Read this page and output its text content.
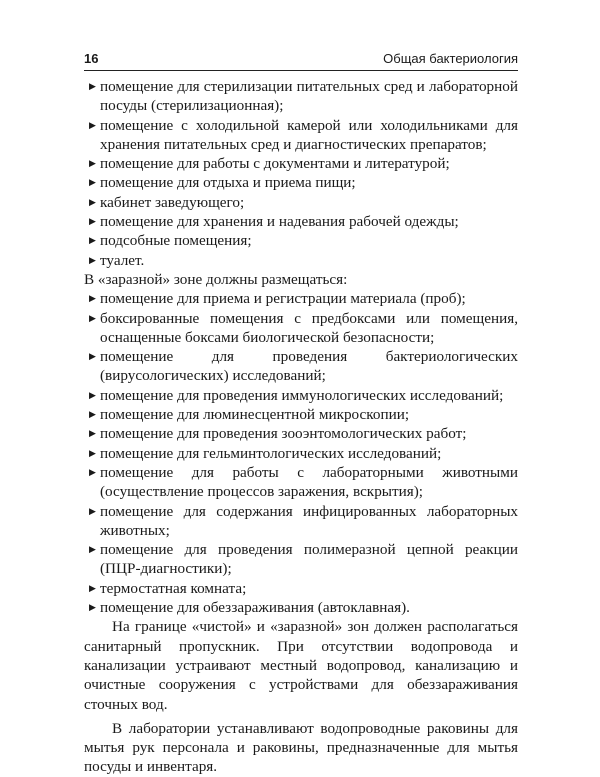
16	Общая бактериология
▶ помещение для стерилизации питательных сред и лабораторной посуды (стерилизационная);
▶ помещение с холодильной камерой или холодильниками для хранения питательных сред и диагностических препаратов;
▶ помещение для работы с документами и литературой;
▶ помещение для отдыха и приема пищи;
▶ кабинет заведующего;
▶ помещение для хранения и надевания рабочей одежды;
▶ подсобные помещения;
▶ туалет.

В «заразной» зоне должны размещаться:

▶ помещение для приема и регистрации материала (проб);
▶ боксированные помещения с предбоксами или помещения, оснащенные боксами биологической безопасности;
▶ помещение для проведения бактериологических (вирусологических) исследований;
▶ помещение для проведения иммунологических исследований;
▶ помещение для люминесцентной микроскопии;
▶ помещение для проведения зооэнтомологических работ;
▶ помещение для гельминтологических исследований;
▶ помещение для работы с лабораторными животными (осуществление процессов заражения, вскрытия);
▶ помещение для содержания инфицированных лабораторных животных;
▶ помещение для проведения полимеразной цепной реакции (ПЦР-диагностики);
▶ термостатная комната;
▶ помещение для обеззараживания (автоклавная).

На границе «чистой» и «заразной» зон должен располагаться санитарный пропускник. При отсутствии водопровода и канализации устраивают местный водопровод, канализацию и очистные сооружения с устройствами для обеззараживания сточных вод.

В лаборатории устанавливают водопроводные раковины для мытья рук персонала и раковины, предназначенные для мытья посуды и инвентаря.
